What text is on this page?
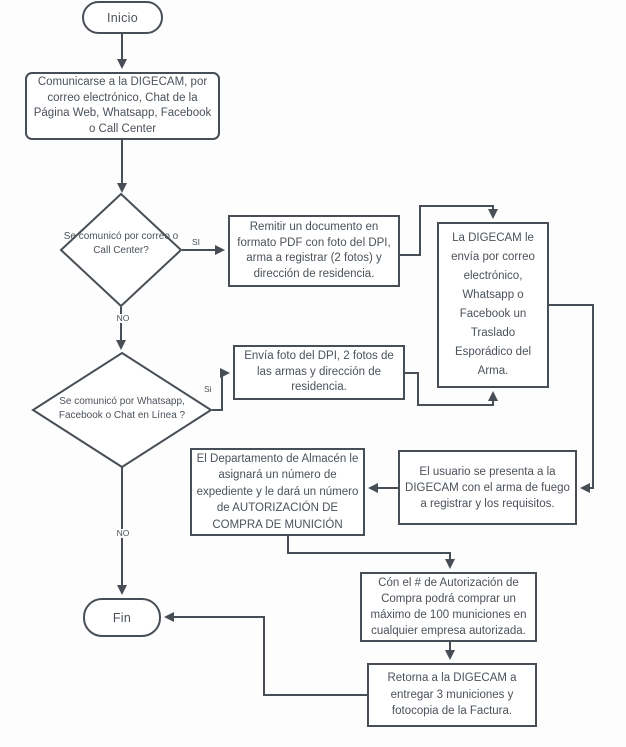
Inicio
Comunicarse a la DIGECAM, por correo electrónico, Chat de la Página Web, Whatsapp, Facebook o Call Center
Se comunicó por correo o Call Center?
Remitir un documento en formato PDF con foto del DPI, arma a registrar (2 fotos) y dirección de residencia.
La DIGECAM le envía por correo electrónico, Whatsapp o Facebook un Traslado Esporádico del Arma.
Se comunicó por Whatsapp, Facebook o Chat en Línea ?
Envía foto del DPI, 2 fotos de las armas y dirección de residencia.
El Departamento de Almacén le asignará un número de expediente y le dará un número de AUTORIZACIÓN DE COMPRA DE MUNICIÓN
El usuario se presenta a la DIGECAM con el arma de fuego a registrar y los requisitos.
Cón el # de Autorización de Compra podrá comprar un máximo de 100 municiones en cualquier empresa autorizada.
Retorna a la DIGECAM a entregar 3 municiones y fotocopia de la Factura.
Fin
SI
NO
Si
NO
